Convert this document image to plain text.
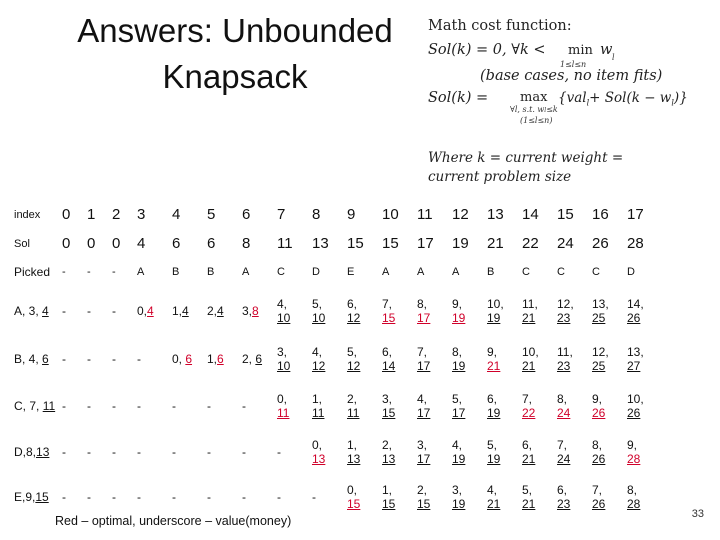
Answers: Unbounded
Knapsack
Math cost function:
Sol(k) = 0, ∀k < min w l
1≤l≤n
(base cases, no item fits)
Sol(k) = max
∀l, s.t. wl≤k
(1≤l≤n)
$\{val_l+ Sol(k - w_l)\}$
Where k = current weight =
current problem size
index	0	1	2	3	4	5	6	7	8	9	10	11	12	13	14	15	16	17
Sol	0	0	0	4	6	6	8	11	13	15	15	17	19	21	22	24	26	28
Picked	-	-	-	A	B	B	A	C	D	E	A	A	A	B	C	C	C	D
A, 3, 4	-	-	-	0,4	1,4	2,4	3,8	4,
10	5,
10	6,
12	7,
15	8,
17	9,
19	10,
19	11,
21	12,
23	13,
25	14,
26
B, 4, 6	-	-	-	-	0, 6	1,6	2, 6	3,
10	4,
12	5,
12	6,
14	7,
17	8,
19	9,
21	10,
21	11,
23	12,
25	13,
27
C, 7, 11	-	-	-	-	-	-	-	0,
11	1,
11	2,
11	3,
15	4,
17	5,
17	6,
19	7,
22	8,
24	9,
26	10,
26
D,8,13	-	-	-	-	-	-	-	-	0,
13	1,
13	2,
13	3,
17	4,
19	5,
19	6,
21	7,
24	8,
26	9,
28
E,9,15	-	-	-	-	-	-	-	-	-	0,
15	1,
15	2,
15	3,
19	4,
21	5,
21	6,
23	7,
26	8,
28
Red – optimal, underscore – value(money)	33
